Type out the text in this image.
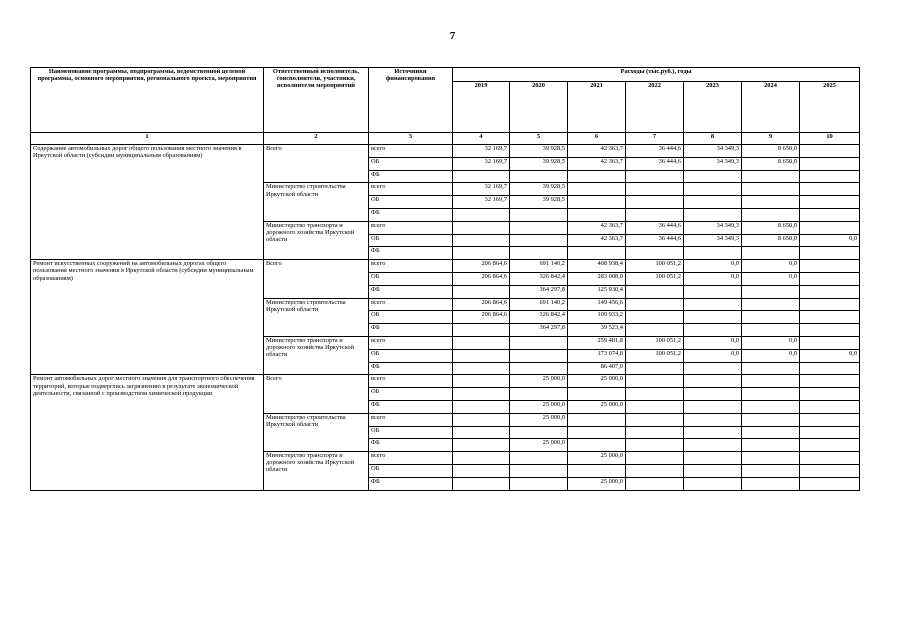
7
Наименование программы, подпрограммы, ведомственной целевой программы, основного мероприятия, регионального проекта, мероприятия	Ответственный исполнитель, соисполнители, участники, исполнители мероприятий	Источники финансирования	Расходы (тыс.руб.), годы						
			2019	2020	2021	2022	2023	2024	2025
1	2	3	4	5	6	7	8	9	10
Содержание автомобильных дорог общего пользования местного значения в Иркутской области (субсидии муниципальным образованиям)	Всего	всего	32 169,7	39 928,5	42 363,7	36 444,6	34 349,3	8 650,0	
		ОБ	32 169,7	39 928,5	42 363,7	36 444,6	34 349,3	8 650,0	
		ФБ							
	Министерство строительства Иркутской области	всего	32 169,7	39 928,5					
		ОБ	32 169,7	39 928,5					
		ФБ							
	Министерство транспорта и дорожного хозяйства Иркутской области	всего			42 363,7	36 444,6	34 349,3	8 650,0	
		ОБ			42 363,7	36 444,6	34 349,3	8 650,0	0,0
		ФБ							
Ремонт искусственных сооружений на автомобильных дорогах общего пользования местного значения в Иркутской области (субсидии муниципальным образованиям)	Всего	всего	206 864,6	691 140,2	408 938,4	100 051,2	0,0	0,0	
		ОБ	206 864,6	326 842,4	283 008,0	100 051,2	0,0	0,0	
		ФБ		364 297,8	125 930,4				
	Министерство строительства Иркутской области	всего	206 864,6	691 140,2	149 456,6				
		ОБ	206 864,6	326 842,4	109 933,2				
		ФБ		364 297,8	39 523,4				
	Министерство транспорта и дорожного хозяйства Иркутской области	всего			259 481,8	100 051,2	0,0	0,0	
		ОБ			173 074,8	100 051,2	0,0	0,0	0,0
		ФБ			86 407,0				
Ремонт автомобильных дорог местного значения для транспортного обеспечения территорий, которые подверглись загрязнению в результате экономической деятельности, связанной с производством химической продукции	Всего	всего		25 000,0	25 000,0				
		ОБ							
		ФБ		25 000,0	25 000,0				
	Министерство строительства Иркутской области	всего		25 000,0					
		ОБ							
		ФБ		25 000,0					
	Министерство транспорта и дорожного хозяйства Иркутской области	всего			25 000,0				
		ОБ							
		ФБ			25 000,0				
